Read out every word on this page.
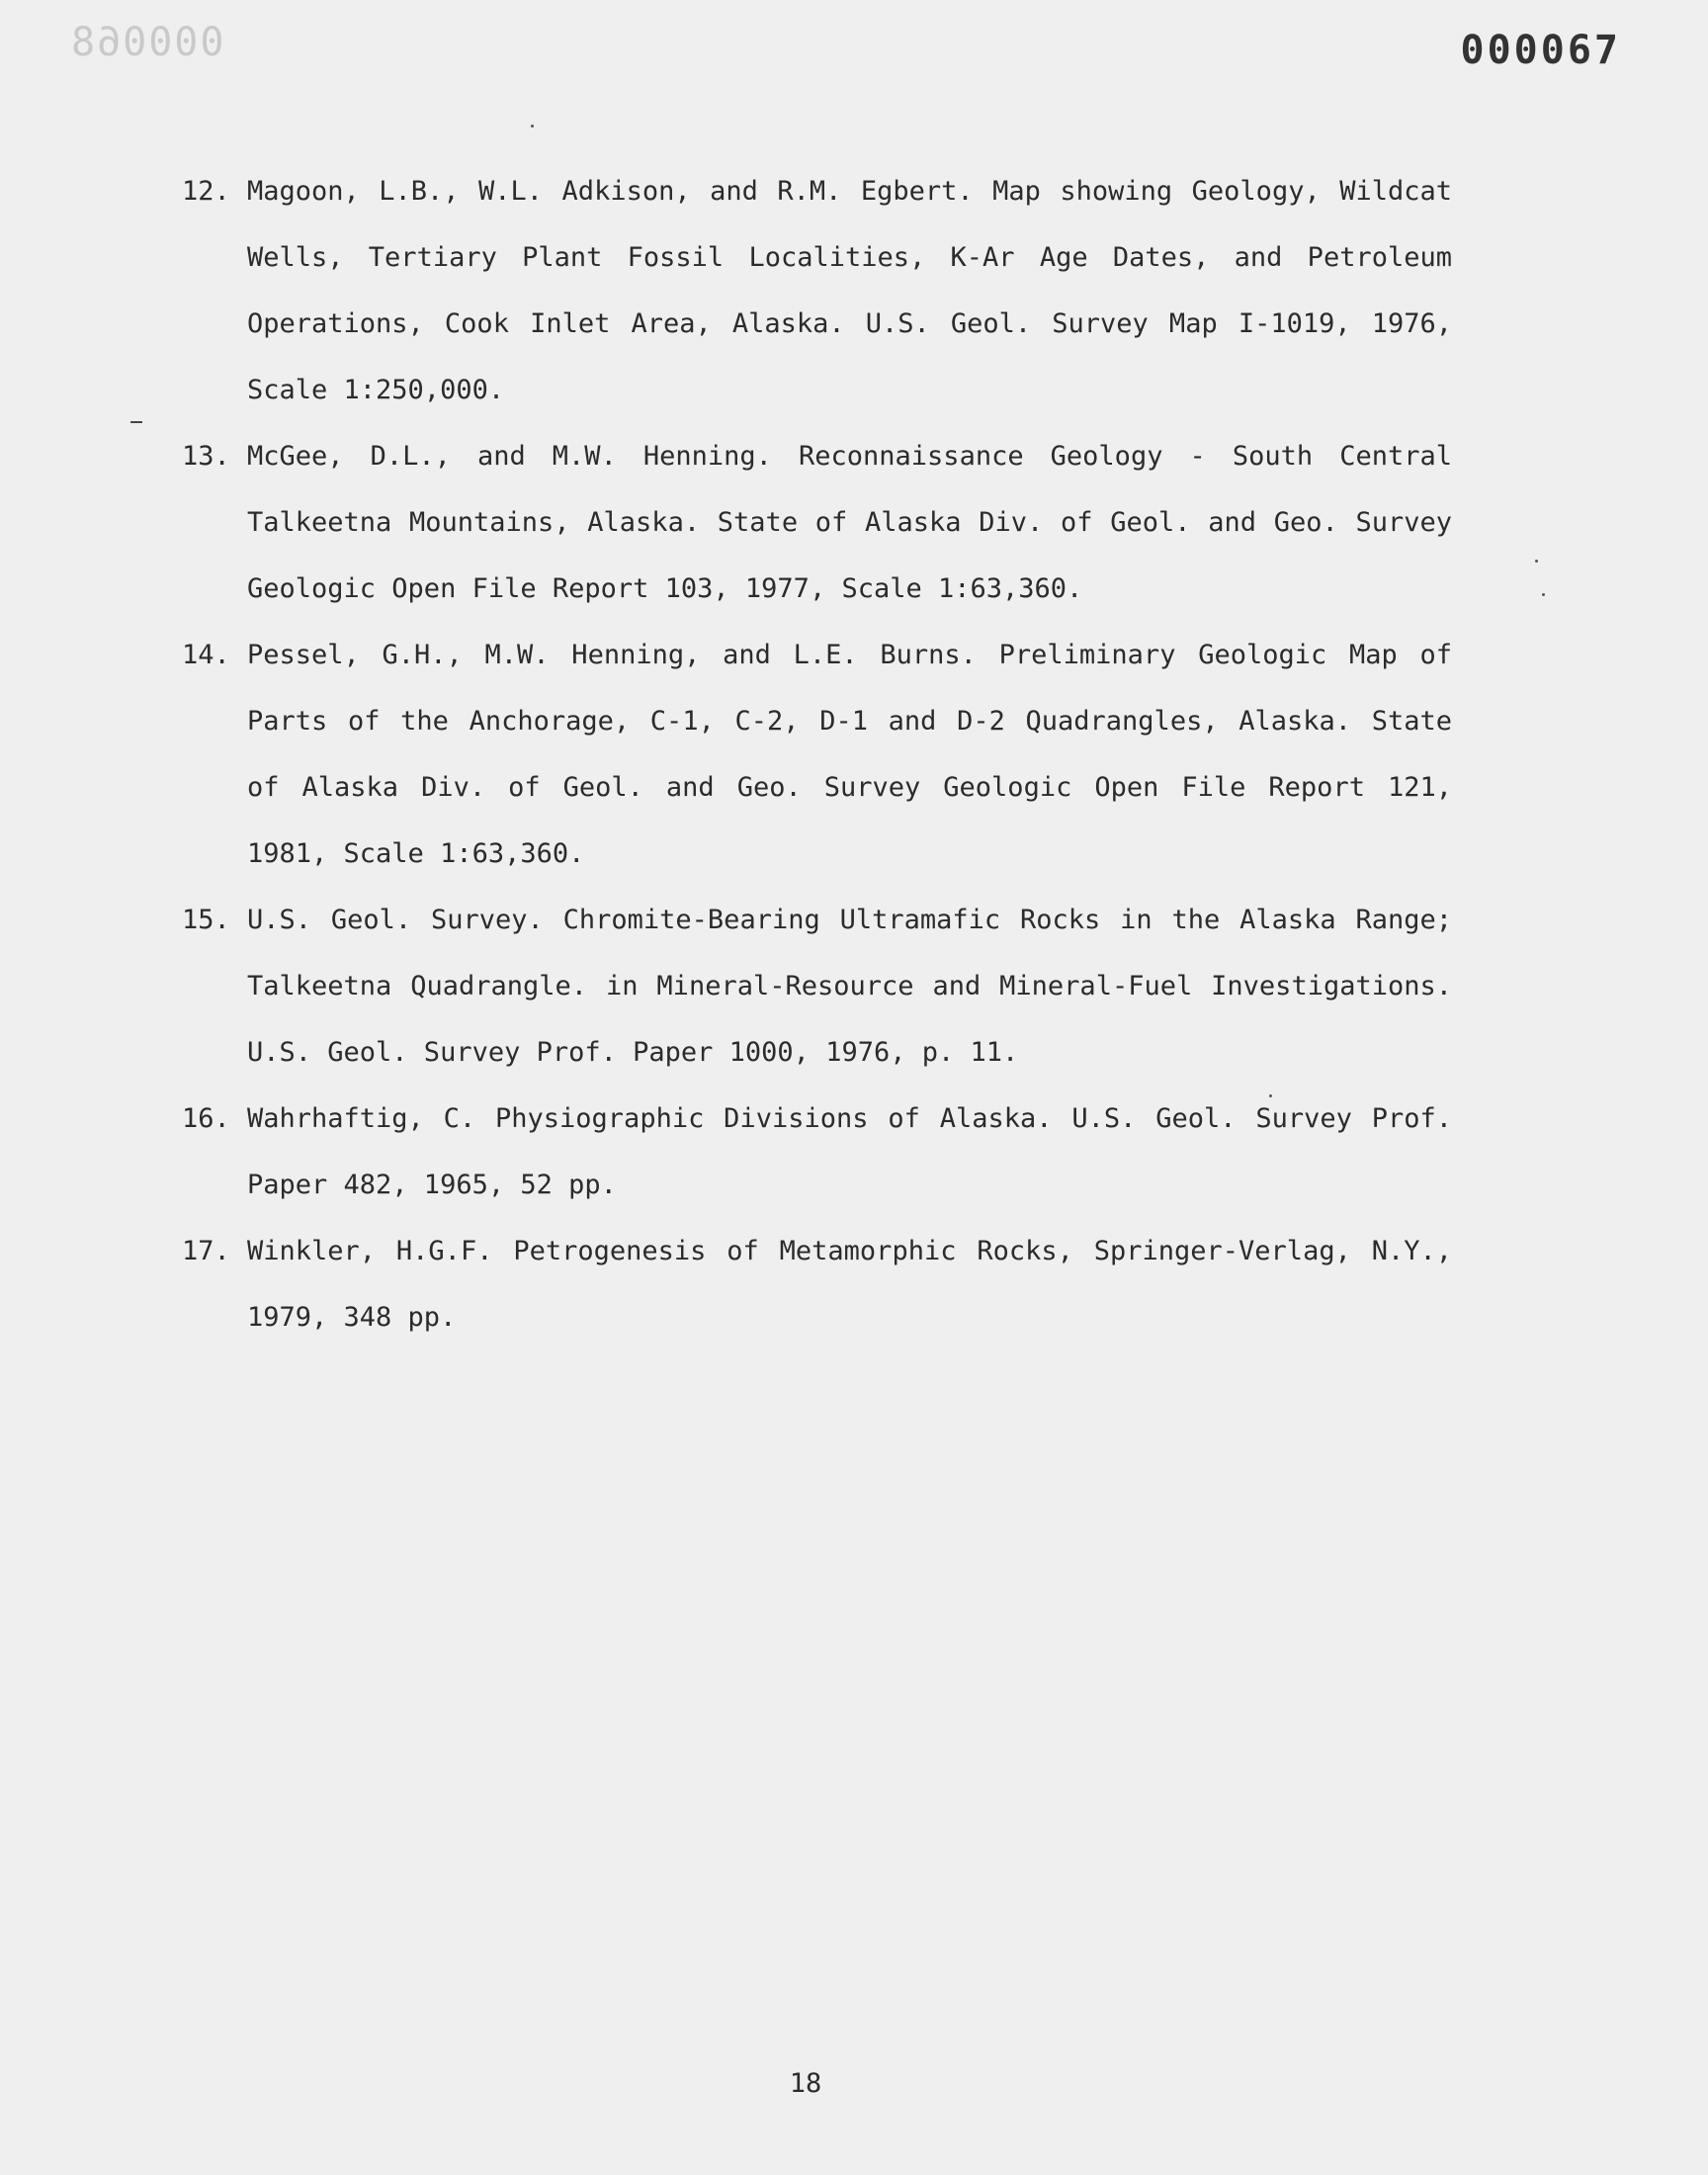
000068	000067
12. Magoon, L.B., W.L. Adkison, and R.M. Egbert. Map showing Geology, Wildcat Wells, Tertiary Plant Fossil Localities, K-Ar Age Dates, and Petroleum Operations, Cook Inlet Area, Alaska. U.S. Geol. Survey Map I-1019, 1976, Scale 1:250,000.

13. McGee, D.L., and M.W. Henning. Reconnaissance Geology - South Central Talkeetna Mountains, Alaska. State of Alaska Div. of Geol. and Geo. Survey Geologic Open File Report 103, 1977, Scale 1:63,360.

14. Pessel, G.H., M.W. Henning, and L.E. Burns. Preliminary Geologic Map of Parts of the Anchorage, C-1, C-2, D-1 and D-2 Quadrangles, Alaska. State of Alaska Div. of Geol. and Geo. Survey Geologic Open File Report 121, 1981, Scale 1:63,360.

15. U.S. Geol. Survey. Chromite-Bearing Ultramafic Rocks in the Alaska Range; Talkeetna Quadrangle. in Mineral-Resource and Mineral-Fuel Investigations. U.S. Geol. Survey Prof. Paper 1000, 1976, p. 11.

16. Wahrhaftig, C. Physiographic Divisions of Alaska. U.S. Geol. Survey Prof. Paper 482, 1965, 52 pp.

17. Winkler, H.G.F. Petrogenesis of Metamorphic Rocks, Springer-Verlag, N.Y., 1979, 348 pp.

18
